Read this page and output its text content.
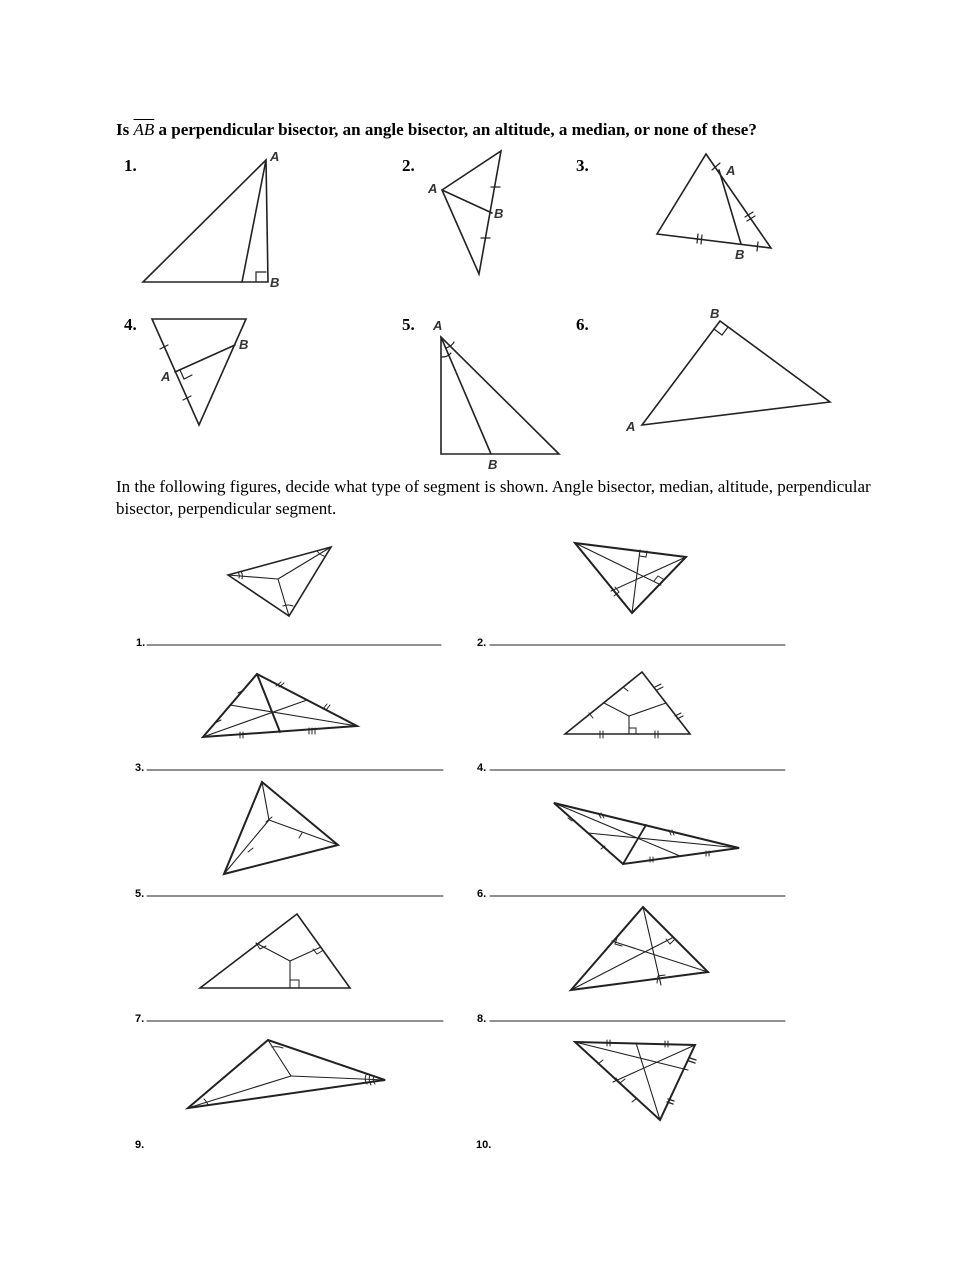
Is $\overline{AB}$ a perpendicular bisector, an angle bisector, an altitude, a median, or none of these?
1.	2.	3.
4.	5.	6.
In the following figures, decide what type of segment is shown. Angle bisector, median, altitude, perpendicular bisector, perpendicular segment.
A
B
A
B
A
B
A
B
A
B
B
A
1.	2.
3.	4.
5.	6.
7.	8.
9.	10.
